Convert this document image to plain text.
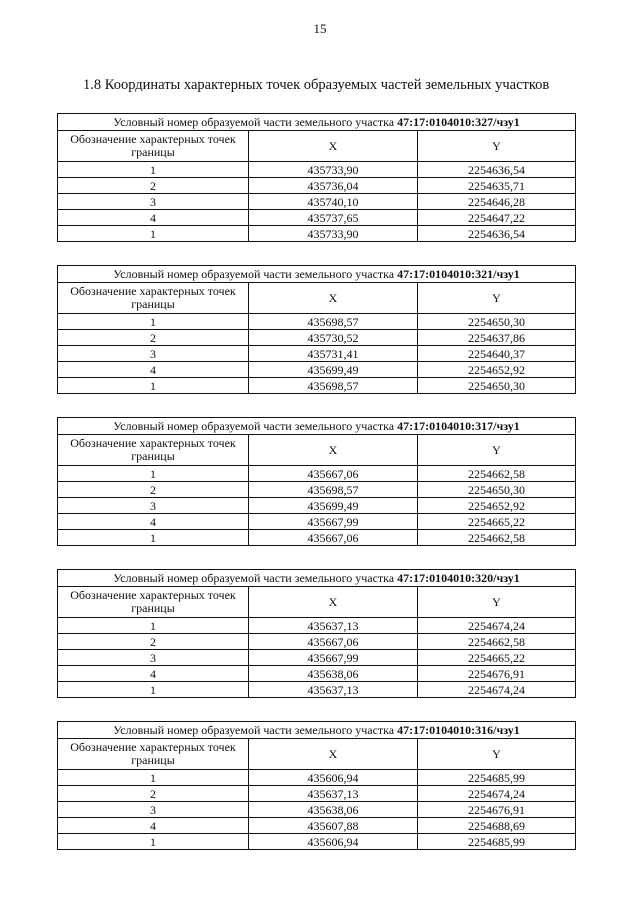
15
1.8 Координаты характерных точек образуемых частей земельных участков
Условный номер образуемой части земельного участка 47:17:0104010:327/чзу1		
Обозначение характерных точек границы	X	Y
1	435733,90	2254636,54
2	435736,04	2254635,71
3	435740,10	2254646,28
4	435737,65	2254647,22
1	435733,90	2254636,54
Условный номер образуемой части земельного участка 47:17:0104010:321/чзу1		
Обозначение характерных точек границы	X	Y
1	435698,57	2254650,30
2	435730,52	2254637,86
3	435731,41	2254640,37
4	435699,49	2254652,92
1	435698,57	2254650,30
Условный номер образуемой части земельного участка 47:17:0104010:317/чзу1		
Обозначение характерных точек границы	X	Y
1	435667,06	2254662,58
2	435698,57	2254650,30
3	435699,49	2254652,92
4	435667,99	2254665,22
1	435667,06	2254662,58
Условный номер образуемой части земельного участка 47:17:0104010:320/чзу1		
Обозначение характерных точек границы	X	Y
1	435637,13	2254674,24
2	435667,06	2254662,58
3	435667,99	2254665,22
4	435638,06	2254676,91
1	435637,13	2254674,24
Условный номер образуемой части земельного участка 47:17:0104010:316/чзу1		
Обозначение характерных точек границы	X	Y
1	435606,94	2254685,99
2	435637,13	2254674,24
3	435638,06	2254676,91
4	435607,88	2254688,69
1	435606,94	2254685,99
